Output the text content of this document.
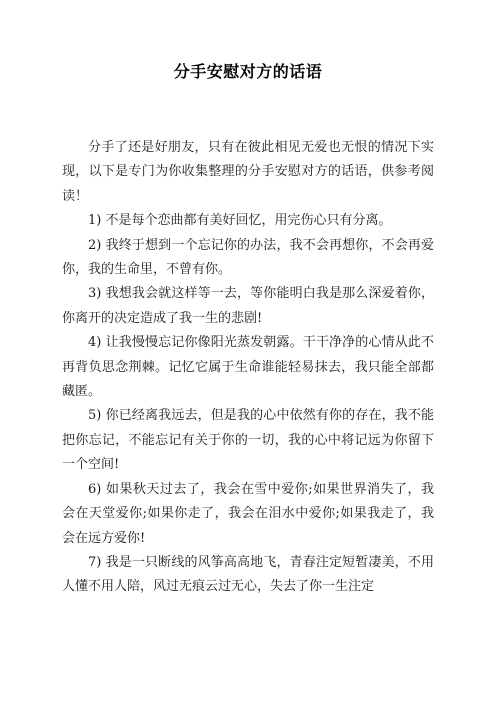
分手安慰对方的话语

分手了还是好朋友，只有在彼此相见无爱也无恨的情况下实现，以下是专门为你收集整理的分手安慰对方的话语，供参考阅读！

1) 不是每个恋曲都有美好回忆，用完伤心只有分离。

2) 我终于想到一个忘记你的办法，我不会再想你，不会再爱你，我的生命里，不曾有你。

3) 我想我会就这样等一去，等你能明白我是那么深爱着你，你离开的决定造成了我一生的悲剧!

4) 让我慢慢忘记你像阳光蒸发朝露。干干净净的心情从此不再背负思念荆棘。记忆它属于生命谁能轻易抹去，我只能全部都藏匿。

5) 你已经离我远去，但是我的心中依然有你的存在，我不能把你忘记，不能忘记有关于你的一切，我的心中将记远为你留下一个空间!

6) 如果秋天过去了，我会在雪中爱你;如果世界消失了，我会在天堂爱你;如果你走了，我会在泪水中爱你;如果我走了，我会在远方爱你!

7) 我是一只断线的风筝高高地飞，青春注定短暂凄美，不用人懂不用人陪，风过无痕云过无心，失去了你一生注定
